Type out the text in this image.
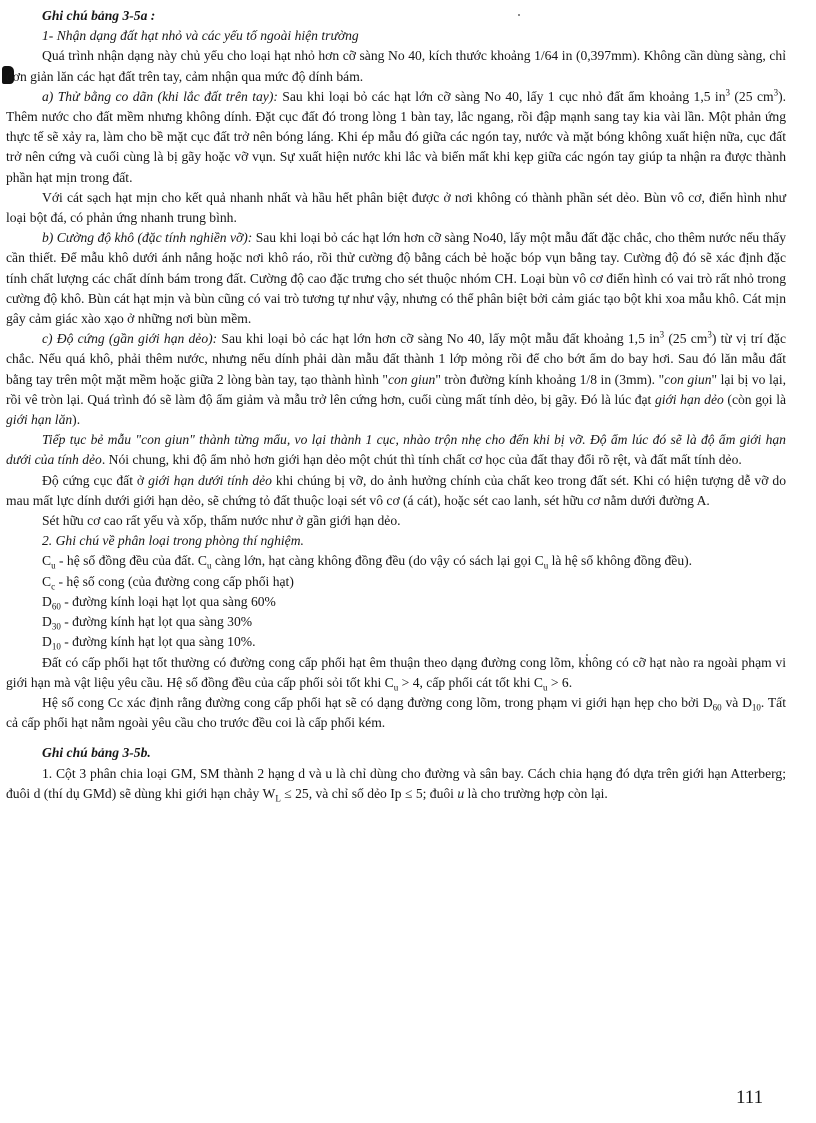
Ghi chú bảng 3-5a :

1- Nhận dạng đất hạt nhỏ và các yếu tố ngoài hiện trường

Quá trình nhận dạng này chủ yếu cho loại hạt nhỏ hơn cỡ sàng No 40, kích thước khoảng 1/64 in (0,397mm). Không cần dùng sàng, chỉ đơn giản lăn các hạt đất trên tay, cảm nhận qua mức độ dính bám.

a) Thử bằng co dãn (khi lắc đất trên tay): Sau khi loại bỏ các hạt lớn cỡ sàng No 40, lấy 1 cục nhỏ đất ẩm khoảng 1,5 $in^3$ (25 $cm^3$). Thêm nước cho đất mềm nhưng không dính. Đặt cục đất đó trong lòng 1 bàn tay, lắc ngang, rồi đập mạnh sang tay kia vài lần. Một phản ứng thực tế sẽ xảy ra, làm cho bề mặt cục đất trở nên bóng láng. Khi ép mẫu đó giữa các ngón tay, nước và mặt bóng không xuất hiện nữa, cục đất trở nên cứng và cuối cùng là bị gãy hoặc vỡ vụn. Sự xuất hiện nước khi lắc và biến mất khi kẹp giữa các ngón tay giúp ta nhận ra được thành phần hạt mịn trong đất.

Với cát sạch hạt mịn cho kết quả nhanh nhất và hầu hết phân biệt được ở nơi không có thành phần sét dẻo. Bùn vô cơ, điển hình như loại bột đá, có phản ứng nhanh trung bình.

b) Cường độ khô (đặc tính nghiền vỡ): Sau khi loại bỏ các hạt lớn hơn cỡ sàng No40, lấy một mẫu đất đặc chắc, cho thêm nước nếu thấy cần thiết. Để mẫu khô dưới ánh nắng hoặc nơi khô ráo, rồi thử cường độ bằng cách bẻ hoặc bóp vụn bằng tay. Cường độ đó sẽ xác định đặc tính chất lượng các chất dính bám trong đất. Cường độ cao đặc trưng cho sét thuộc nhóm CH. Loại bùn vô cơ điển hình có vai trò rất nhỏ trong cường độ khô. Bùn cát hạt mịn và bùn cũng có vai trò tương tự như vậy, nhưng có thể phân biệt bởi cảm giác tạo bột khi xoa mẫu khô. Cát mịn gây cảm giác xào xạo ở những nơi bùn mềm.

c) Độ cứng (gần giới hạn dẻo): Sau khi loại bỏ các hạt lớn hơn cỡ sàng No 40, lấy một mẫu đất khoảng 1,5 $in^3$ (25 $cm^3$) từ vị trí đặc chắc. Nếu quá khô, phải thêm nước, nhưng nếu dính phải dàn mẫu đất thành 1 lớp mỏng rồi để cho bớt ẩm do bay hơi. Sau đó lăn mẫu đất bằng tay trên một mặt mềm hoặc giữa 2 lòng bàn tay, tạo thành hình "con giun" tròn đường kính khoảng 1/8 in (3mm). "con giun" lại bị vo lại, rồi vê tròn lại. Quá trình đó sẽ làm độ ẩm giảm và mẫu trở lên cứng hơn, cuối cùng mất tính dẻo, bị gãy. Đó là lúc đạt giới hạn dẻo (còn gọi là giới hạn lăn).

Tiếp tục bẻ mẫu "con giun" thành từng mẩu, vo lại thành 1 cục, nhào trộn nhẹ cho đến khi bị vỡ. Độ ẩm lúc đó sẽ là độ ẩm giới hạn dưới của tính dẻo. Nói chung, khi độ ẩm nhỏ hơn giới hạn dẻo một chút thì tính chất cơ học của đất thay đổi rõ rệt, và đất mất tính dẻo.

Độ cứng cục đất ở giới hạn dưới tính dẻo khi chúng bị vỡ, do ảnh hưởng chính của chất keo trong đất sét. Khi có hiện tượng dễ vỡ do mau mất lực dính dưới giới hạn dẻo, sẽ chứng tỏ đất thuộc loại sét vô cơ (á cát), hoặc sét cao lanh, sét hữu cơ nằm dưới đường A.

Sét hữu cơ cao rất yếu và xốp, thấm nước như ở gần giới hạn dẻo.

2. Ghi chú về phân loại trong phòng thí nghiệm.

$C_u$ - hệ số đồng đều của đất. $C_u$ càng lớn, hạt càng không đồng đều (do vậy có sách lại gọi $C_u$ là hệ số không đồng đều).

$C_c$ - hệ số cong (của đường cong cấp phối hạt)

$D_{60}$ - đường kính loại hạt lọt qua sàng 60%

$D_{30}$ - đường kính hạt lọt qua sàng 30%

$D_{10}$ - đường kính hạt lọt qua sàng 10%.

Đất có cấp phối hạt tốt thường có đường cong cấp phối hạt êm thuận theo dạng đường cong lõm, không có cỡ hạt nào ra ngoài phạm vi giới hạn mà vật liệu yêu cầu. Hệ số đồng đều của cấp phối sỏi tốt khi $C_u > 4$, cấp phối cát tốt khi $C_u > 6$.

Hệ số cong Cc xác định rằng đường cong cấp phối hạt sẽ có dạng đường cong lõm, trong phạm vi giới hạn hẹp cho bởi $D_{60}$ và $D_{10}$. Tất cả cấp phối hạt nằm ngoài yêu cầu cho trước đều coi là cấp phối kém.

Ghi chú bảng 3-5b.

1. Cột 3 phân chia loại GM, SM thành 2 hạng d và u là chỉ dùng cho đường và sân bay. Cách chia hạng đó dựa trên giới hạn Atterberg; đuôi d (thí dụ GMd) sẽ dùng khi giới hạn chảy $W_L \le 25$, và chỉ số dẻo Ip ≤ 5; đuôi u là cho trường hợp còn lại.

111
